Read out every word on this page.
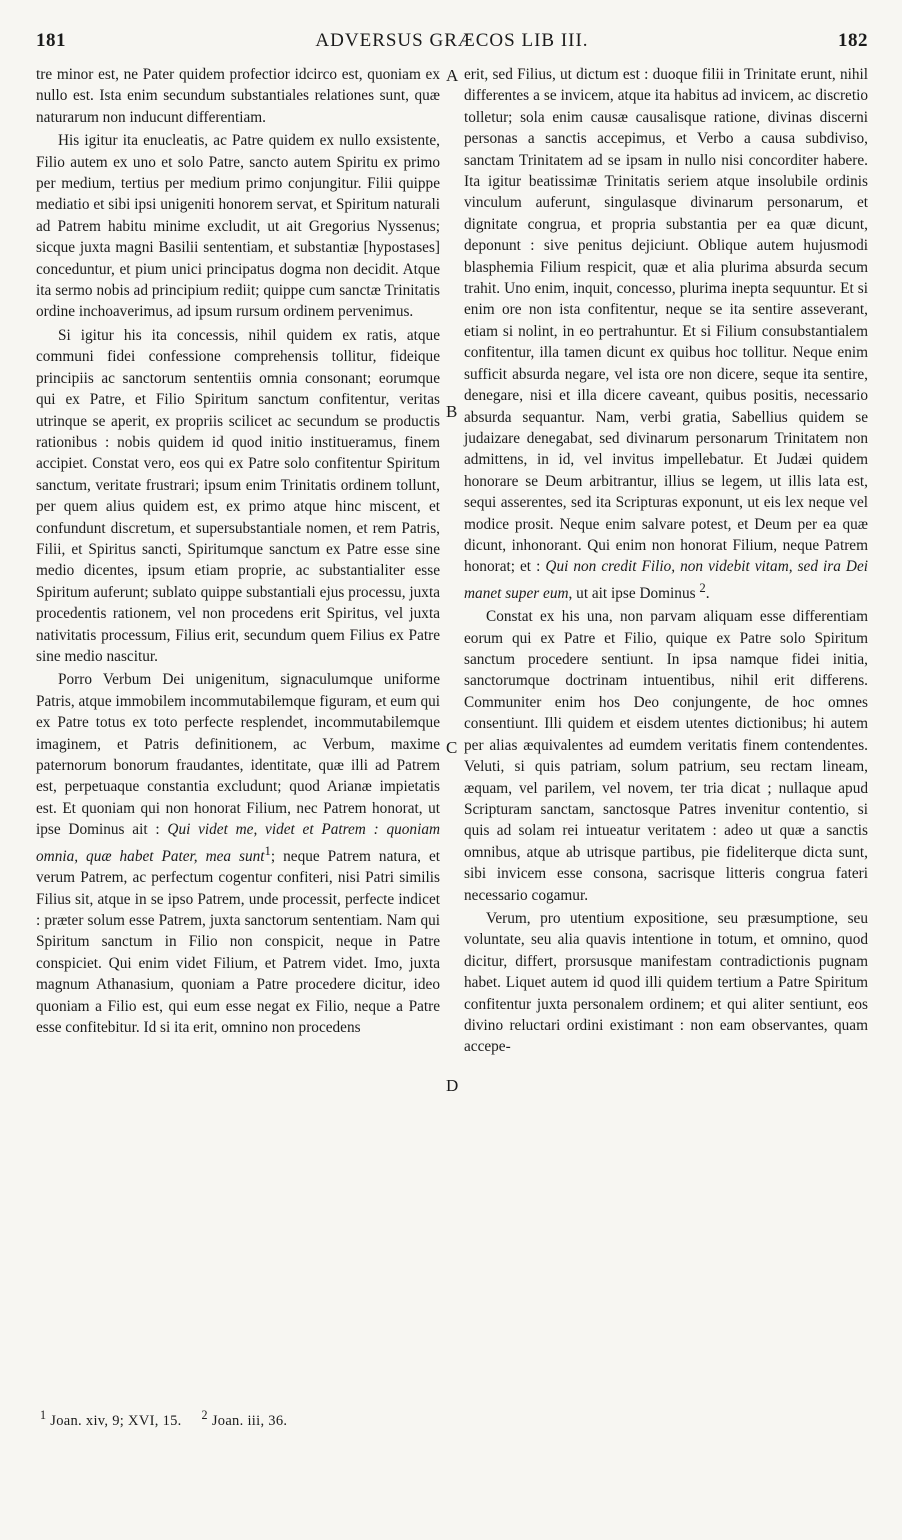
181	ADVERSUS GRÆCOS LIB III.	182

tre minor est, ne Pater quidem profectior idcirco est, quoniam ex nullo est. Ista enim secundum substantiales relationes sunt, quæ naturarum non inducunt differentiam.

His igitur ita enucleatis, ac Patre quidem ex nullo exsistente, Filio autem ex uno et solo Patre, sancto autem Spiritu ex primo per medium, tertius per medium primo conjungitur. Filii quippe mediatio et sibi ipsi unigeniti honorem servat, et Spiritum naturali ad Patrem habitu minime excludit, ut ait Gregorius Nyssenus; sicque juxta magni Basilii sententiam, et substantiæ [hypostases] conceduntur, et pium unici principatus dogma non decidit. Atque ita sermo nobis ad principium rediit; quippe cum sanctæ Trinitatis ordine inchoaverimus, ad ipsum rursum ordinem pervenimus.

Si igitur his ita concessis, nihil quidem ex ratis, atque communi fidei confessione comprehensis tollitur, fideique principiis ac sanctorum sententiis omnia consonant; eorumque qui ex Patre, et Filio Spiritum sanctum confitentur, veritas utrinque se aperit, ex propriis scilicet ac secundum se productis rationibus : nobis quidem id quod initio institueramus, finem accipiet. Constat vero, eos qui ex Patre solo confitentur Spiritum sanctum, veritate frustrari; ipsum enim Trinitatis ordinem tollunt, per quem alius quidem est, ex primo atque hinc miscent, et confundunt discretum, et supersubstantiale nomen, et rem Patris, Filii, et Spiritus sancti, Spiritumque sanctum ex Patre esse sine medio dicentes, ipsum etiam proprie, ac substantialiter esse Spiritum auferunt; sublato quippe substantiali ejus processu, juxta procedentis rationem, vel non procedens erit Spiritus, vel juxta nativitatis processum, Filius erit, secundum quem Filius ex Patre sine medio nascitur.

Porro Verbum Dei unigenitum, signaculumque uniforme Patris, atque immobilem incommutabilemque figuram, et eum qui ex Patre totus ex toto perfecte resplendet, incommutabilemque imaginem, et Patris definitionem, ac Verbum, maxime paternorum bonorum fraudantes, identitate, quæ illi ad Patrem est, perpetuaque constantia excludunt; quod Arianæ impietatis est. Et quoniam qui non honorat Filium, nec Patrem honorat, ut ipse Dominus ait : Qui videt me, videt et Patrem : quoniam omnia, quæ habet Pater, mea sunt$^1$; neque Patrem natura, et verum Patrem, ac perfectum cogentur confiteri, nisi Patri similis Filius sit, atque in se ipso Patrem, unde processit, perfecte indicet : præter solum esse Patrem, juxta sanctorum sententiam. Nam qui Spiritum sanctum in Filio non conspicit, neque in Patre conspiciet. Qui enim videt Filium, et Patrem videt. Imo, juxta magnum Athanasium, quoniam a Patre procedere dicitur, ideo quoniam a Filio est, qui eum esse negat ex Filio, neque a Patre esse confitebitur. Id si ita erit, omnino non procedens

A
B
C
D

erit, sed Filius, ut dictum est : duoque filii in Trinitate erunt, nihil differentes a se invicem, atque ita habitus ad invicem, ac discretio tolletur; sola enim causæ causalisque ratione, divinas discerni personas a sanctis accepimus, et Verbo a causa subdiviso, sanctam Trinitatem ad se ipsam in nullo nisi concorditer habere. Ita igitur beatissimæ Trinitatis seriem atque insolubile ordinis vinculum auferunt, singulasque divinarum personarum, et dignitate congrua, et propria substantia per ea quæ dicunt, deponunt : sive penitus dejiciunt. Oblique autem hujusmodi blasphemia Filium respicit, quæ et alia plurima absurda secum trahit. Uno enim, inquit, concesso, plurima inepta sequuntur. Et si enim ore non ista confitentur, neque se ita sentire asseverant, etiam si nolint, in eo pertrahuntur. Et si Filium consubstantialem confitentur, illa tamen dicunt ex quibus hoc tollitur. Neque enim sufficit absurda negare, vel ista ore non dicere, seque ita sentire, denegare, nisi et illa dicere caveant, quibus positis, necessario absurda sequantur. Nam, verbi gratia, Sabellius quidem se judaizare denegabat, sed divinarum personarum Trinitatem non admittens, in id, vel invitus impellebatur. Et Judæi quidem honorare se Deum arbitrantur, illius se legem, ut illis lata est, sequi asserentes, sed ita Scripturas exponunt, ut eis lex neque vel modice prosit. Neque enim salvare potest, et Deum per ea quæ dicunt, inhonorant. Qui enim non honorat Filium, neque Patrem honorat; et : Qui non credit Filio, non videbit vitam, sed ira Dei manet super eum, ut ait ipse Dominus $^2$.

Constat ex his una, non parvam aliquam esse differentiam eorum qui ex Patre et Filio, quique ex Patre solo Spiritum sanctum procedere sentiunt. In ipsa namque fidei initia, sanctorumque doctrinam intuentibus, nihil erit differens. Communiter enim hos Deo conjungente, de hoc omnes consentiunt. Illi quidem et eisdem utentes dictionibus; hi autem per alias æquivalentes ad eumdem veritatis finem contendentes. Veluti, si quis patriam, solum patrium, seu rectam lineam, æquam, vel parilem, vel novem, ter tria dicat ; nullaque apud Scripturam sanctam, sanctosque Patres invenitur contentio, si quis ad solam rei intueatur veritatem : adeo ut quæ a sanctis omnibus, atque ab utrisque partibus, pie fideliterque dicta sunt, sibi invicem esse consona, sacrisque litteris congrua fateri necessario cogamur.

Verum, pro utentium expositione, seu præsumptione, seu voluntate, seu alia quavis intentione in totum, et omnino, quod dicitur, differt, prorsusque manifestam contradictionis pugnam habet. Liquet autem id quod illi quidem tertium a Patre Spiritum confitentur juxta personalem ordinem; et qui aliter sentiunt, eos divino reluctari ordini existimant : non eam observantes, quam accepe-

$^1$ Joan. xiv, 9; XVI, 15. $^2$ Joan. iii, 36.
